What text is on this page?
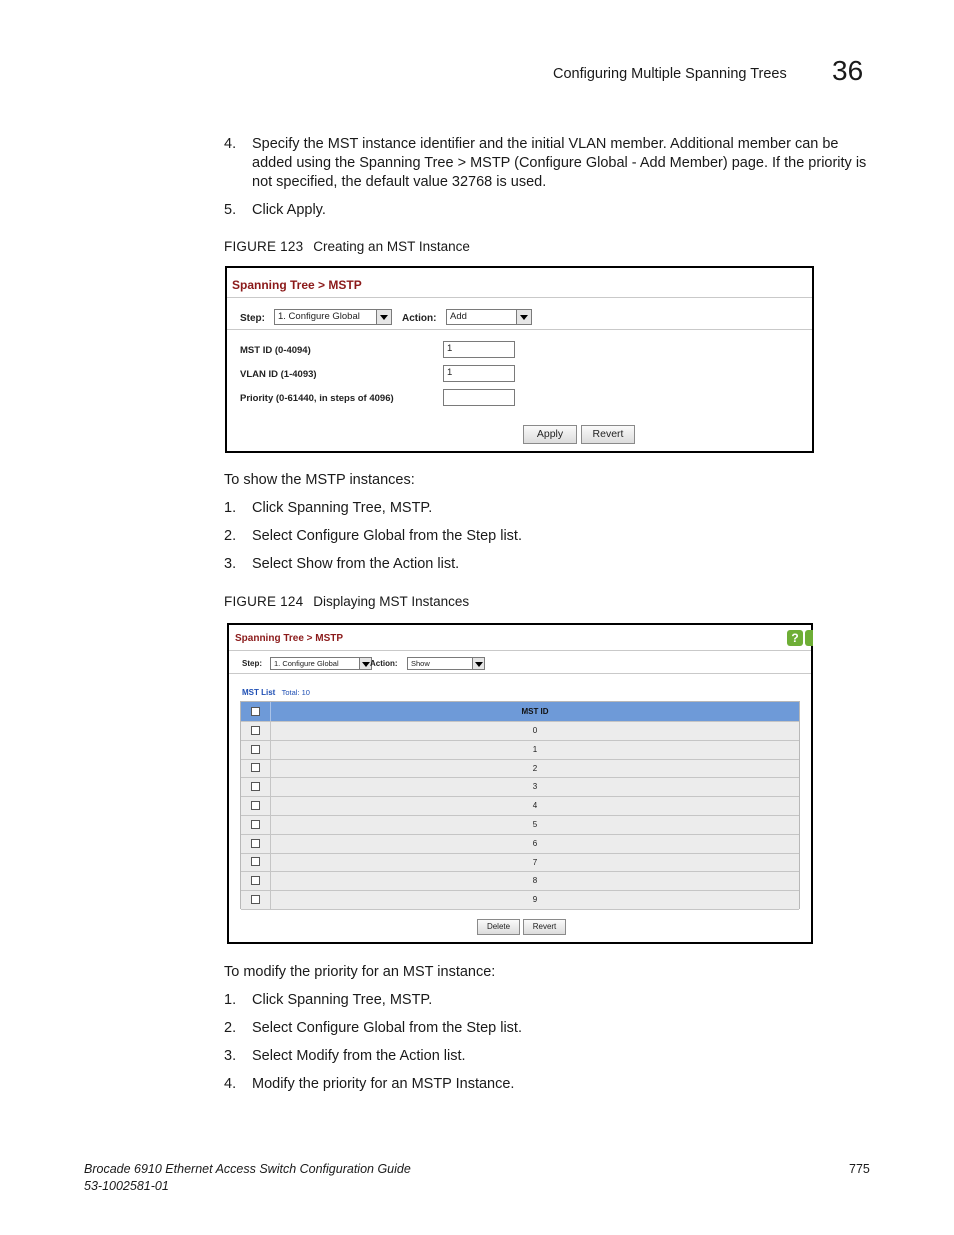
Configuring Multiple Spanning Trees 36
4. Specify the MST instance identifier and the initial VLAN member. Additional member can be added using the Spanning Tree > MSTP (Configure Global - Add Member) page. If the priority is not specified, the default value 32768 is used.
5. Click Apply.
FIGURE 123 Creating an MST Instance
Spanning Tree > MSTP
Step: 1. Configure Global	Action: Add
MST ID (0-4094)	1
VLAN ID (1-4093)	1
Priority (0-61440, in steps of 4096)
Apply	Revert
To show the MSTP instances:
1. Click Spanning Tree, MSTP.
2. Select Configure Global from the Step list.
3. Select Show from the Action list.
FIGURE 124 Displaying MST Instances
Spanning Tree > MSTP	?
Step: 1. Configure Global	Action: Show
MST List Total: 10
MST ID
0
1
2
3
4
5
6
7
8
9
Delete	Revert
To modify the priority for an MST instance:
1. Click Spanning Tree, MSTP.
2. Select Configure Global from the Step list.
3. Select Modify from the Action list.
4. Modify the priority for an MSTP Instance.
Brocade 6910 Ethernet Access Switch Configuration Guide
53-1002581-01
775
